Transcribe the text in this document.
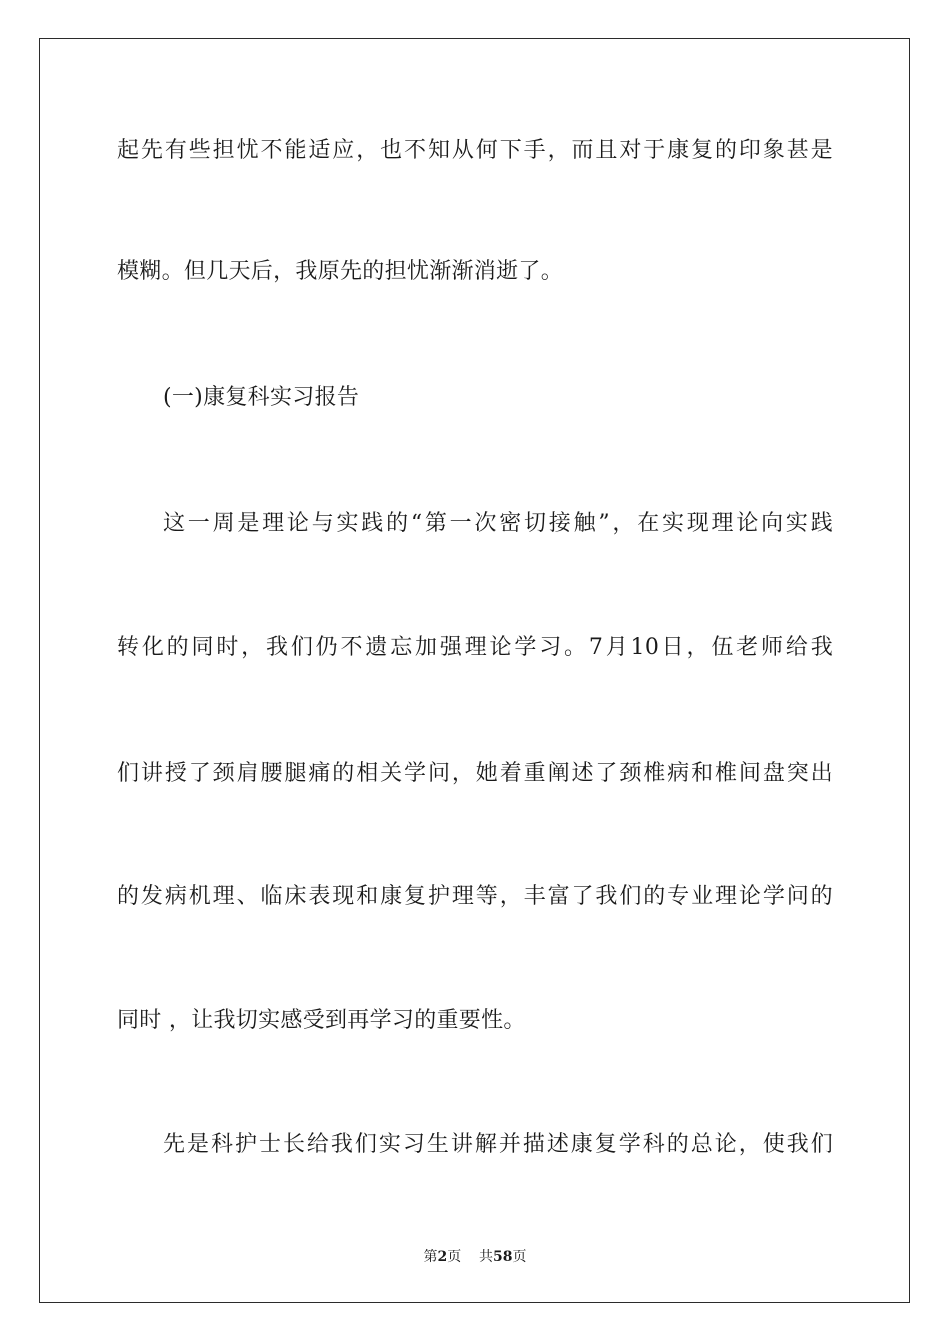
起先有些担忧不能适应，也不知从何下手，而且对于康复的印象甚是
模糊。但几天后，我原先的担忧渐渐消逝了。
(一)康复科实习报告
这一周是理论与实践的“第一次密切接触”，在实现理论向实践
转化的同时，我们仍不遗忘加强理论学习。7月10日，伍老师给我
们讲授了颈肩腰腿痛的相关学问，她着重阐述了颈椎病和椎间盘突出
的发病机理、临床表现和康复护理等，丰富了我们的专业理论学问的
同时 ，让我切实感受到再学习的重要性。
先是科护士长给我们实习生讲解并描述康复学科的总论，使我们
第2页 共58页
